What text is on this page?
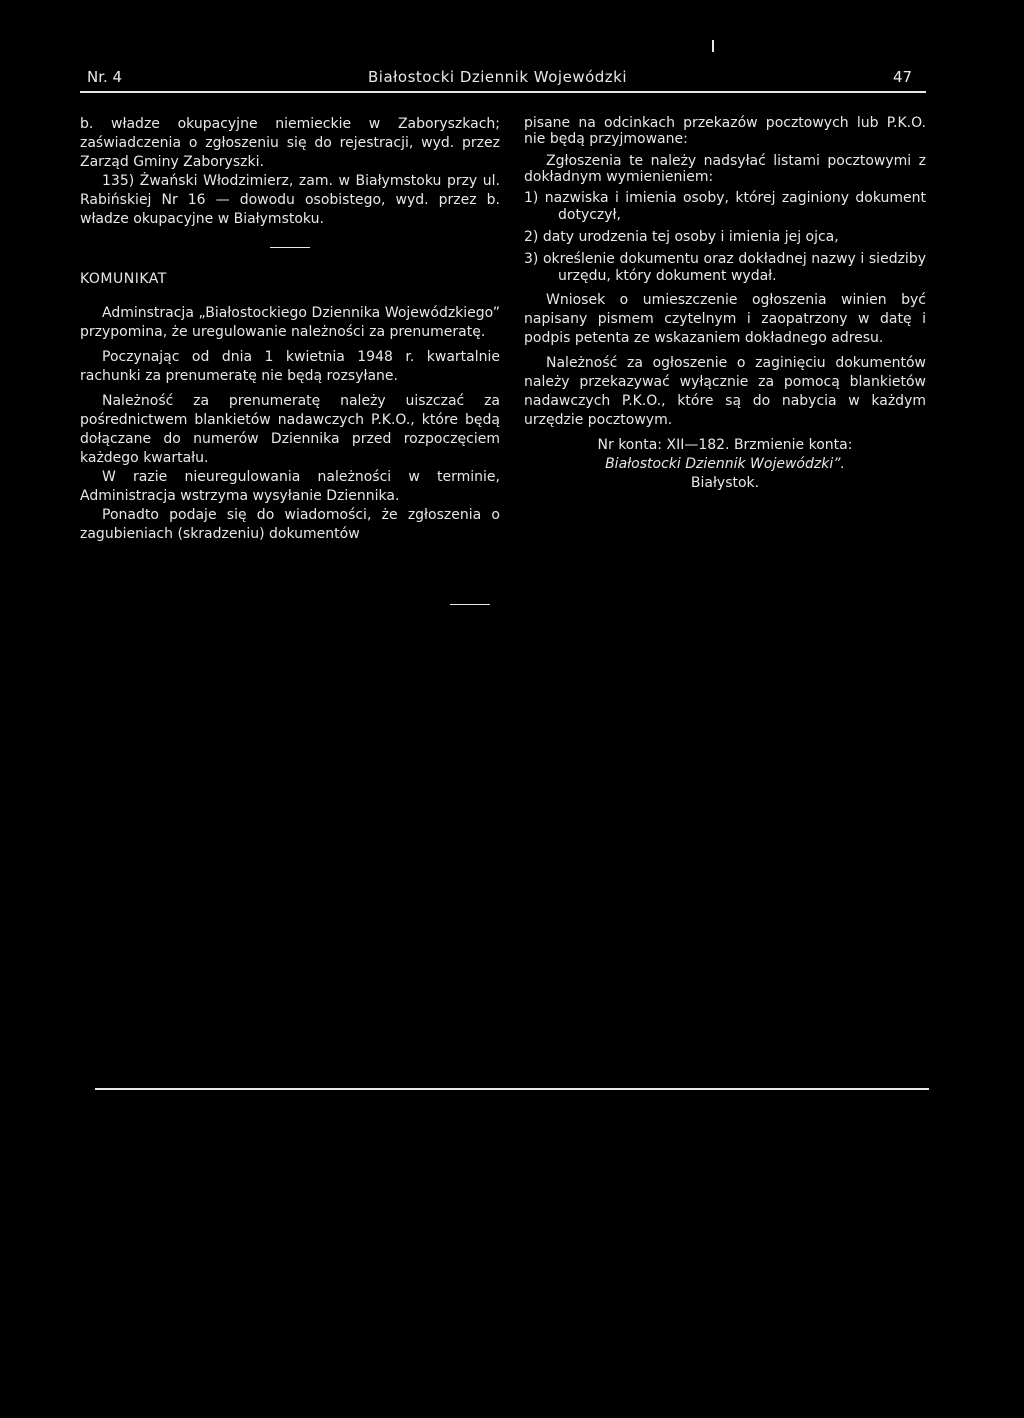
Nr. 4	Białostocki Dziennik Wojewódzki	47

b. władze okupacyjne niemieckie w Zaboryszkach; zaświadczenia o zgłoszeniu się do rejestracji, wyd. przez Zarząd Gminy Zaboryszki.

135) Żwański Włodzimierz, zam. w Białymstoku przy ul. Rabińskiej Nr 16 — dowodu osobistego, wyd. przez b. władze okupacyjne w Białymstoku.

KOMUNIKAT

Adminstracja „Białostockiego Dziennika Wojewódzkiego” przypomina, że uregulowanie należności za prenumeratę.

Poczynając od dnia 1 kwietnia 1948 r. kwartalnie rachunki za prenumeratę nie będą rozsyłane.

Należność za prenumeratę należy uiszczać za pośrednictwem blankietów nadawczych P.K.O., które będą dołączane do numerów Dziennika przed rozpoczęciem każdego kwartału.

W razie nieuregulowania należności w terminie, Administracja wstrzyma wysyłanie Dziennika.

Ponadto podaje się do wiadomości, że zgłoszenia o zagubieniach (skradzeniu) dokumentów

pisane na odcinkach przekazów pocztowych lub P.K.O. nie będą przyjmowane:

Zgłoszenia te należy nadsyłać listami pocztowymi z dokładnym wymienieniem:

1) nazwiska i imienia osoby, której zaginiony dokument dotyczył,

2) daty urodzenia tej osoby i imienia jej ojca,

3) określenie dokumentu oraz dokładnej nazwy i siedziby urzędu, który dokument wydał.

Wniosek o umieszczenie ogłoszenia winien być napisany pismem czytelnym i zaopatrzony w datę i podpis petenta ze wskazaniem dokładnego adresu.

Należność za ogłoszenie o zaginięciu dokumentów należy przekazywać wyłącznie za pomocą blankietów nadawczych P.K.O., które są do nabycia w każdym urzędzie pocztowym.

Nr konta: XII—182. Brzmienie konta:

Białostocki Dziennik Wojewódzki”.

Białystok.
